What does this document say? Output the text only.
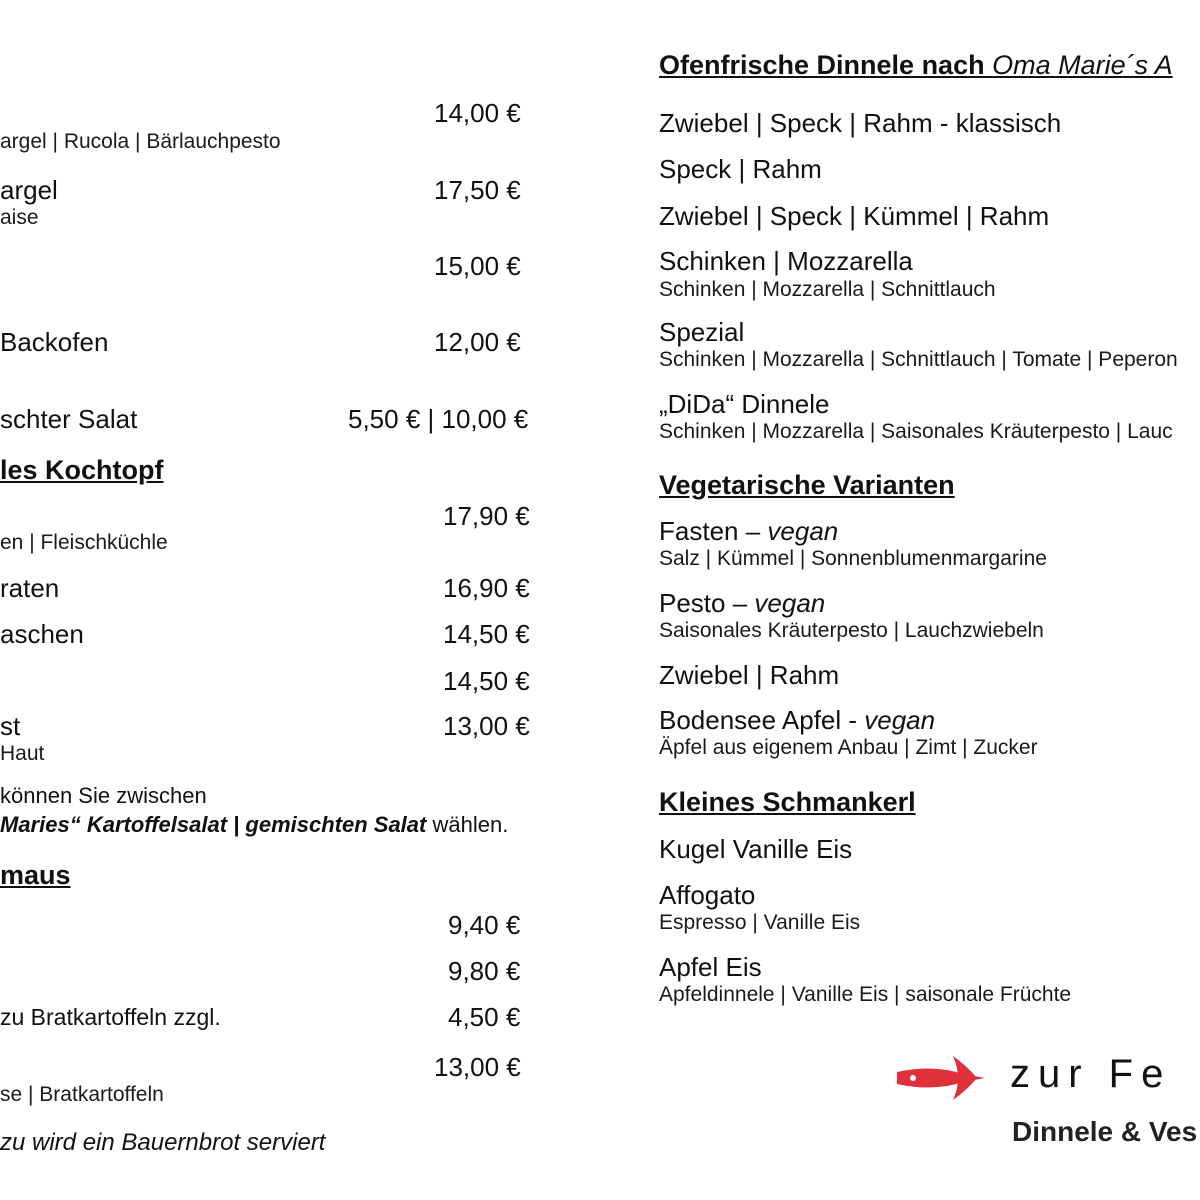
14,00 €
argel | Rucola | Bärlauchpesto
argel	17,50 €
aise
15,00 €
Backofen	12,00 €
schter Salat	5,50 € | 10,00 €
les Kochtopf
17,90 €
en | Fleischküchle
raten	16,90 €
aschen	14,50 €
14,50 €
st	13,00 €
Haut
können Sie zwischen
Maries“ Kartoffelsalat | gemischten Salat wählen.
maus
9,40 €
9,80 €
zu Bratkartoffeln zzgl.	4,50 €
13,00 €
se | Bratkartoffeln
zu wird ein Bauernbrot serviert
Ofenfrische Dinnele nach Oma Marie´s A
Zwiebel | Speck | Rahm - klassisch
Speck | Rahm
Zwiebel | Speck | Kümmel | Rahm
Schinken | Mozzarella
Schinken | Mozzarella | Schnittlauch
Spezial
Schinken | Mozzarella | Schnittlauch | Tomate | Peperon
„DiDa“ Dinnele
Schinken | Mozzarella | Saisonales Kräuterpesto | Lauc
Vegetarische Varianten
Fasten – vegan
Salz | Kümmel | Sonnenblumenmargarine
Pesto – vegan
Saisonales Kräuterpesto | Lauchzwiebeln
Zwiebel | Rahm
Bodensee Apfel - vegan
Äpfel aus eigenem Anbau | Zimt | Zucker
Kleines Schmankerl
Kugel Vanille Eis
Affogato
Espresso | Vanille Eis
Apfel Eis
Apfeldinnele | Vanille Eis | saisonale Früchte
zur Fe
Dinnele & Ves
